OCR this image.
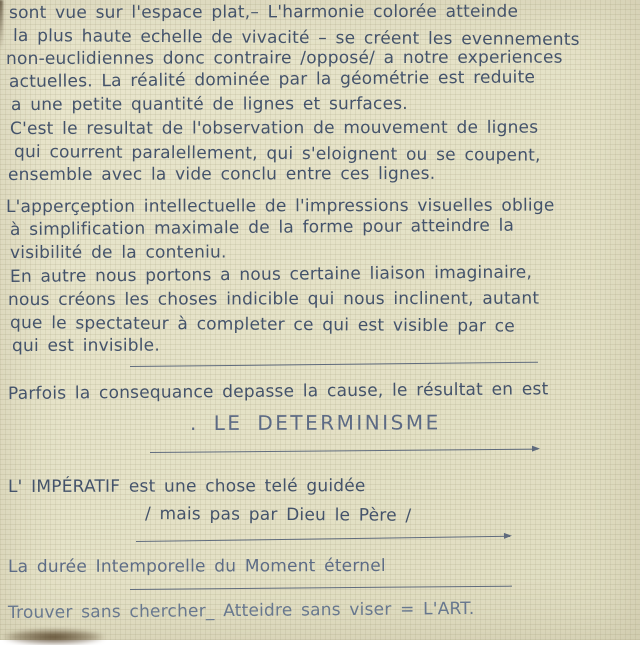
sont vue sur l'espace plat,– L'harmonie colorée atteinde
la plus haute echelle de vivacité – se créent les evennements
non-euclidiennes donc contraire /opposé/ a notre experiences
actuelles. La réalité dominée par la géométrie est reduite
a une petite quantité de lignes et surfaces.
C'est le resultat de l'observation de mouvement de lignes
qui courrent paralellement, qui s'eloignent ou se coupent,
ensemble avec la vide conclu entre ces lignes.
L'apperçeption intellectuelle de l'impressions visuelles oblige
à simplification maximale de la forme pour atteindre la
visibilité de la conteniu.
En autre nous portons a nous certaine liaison imaginaire,
nous créons les choses indicible qui nous inclinent, autant
que le spectateur à completer ce qui est visible par ce
qui est invisible.
Parfois la consequance depasse la cause, le résultat en est
. LE DETERMINISME
L' IMPÉRATIF est une chose telé guidée
/ mais pas par Dieu le Père /
La durée Intemporelle du Moment éternel
Trouver sans chercher_ Atteidre sans viser = L'ART.
